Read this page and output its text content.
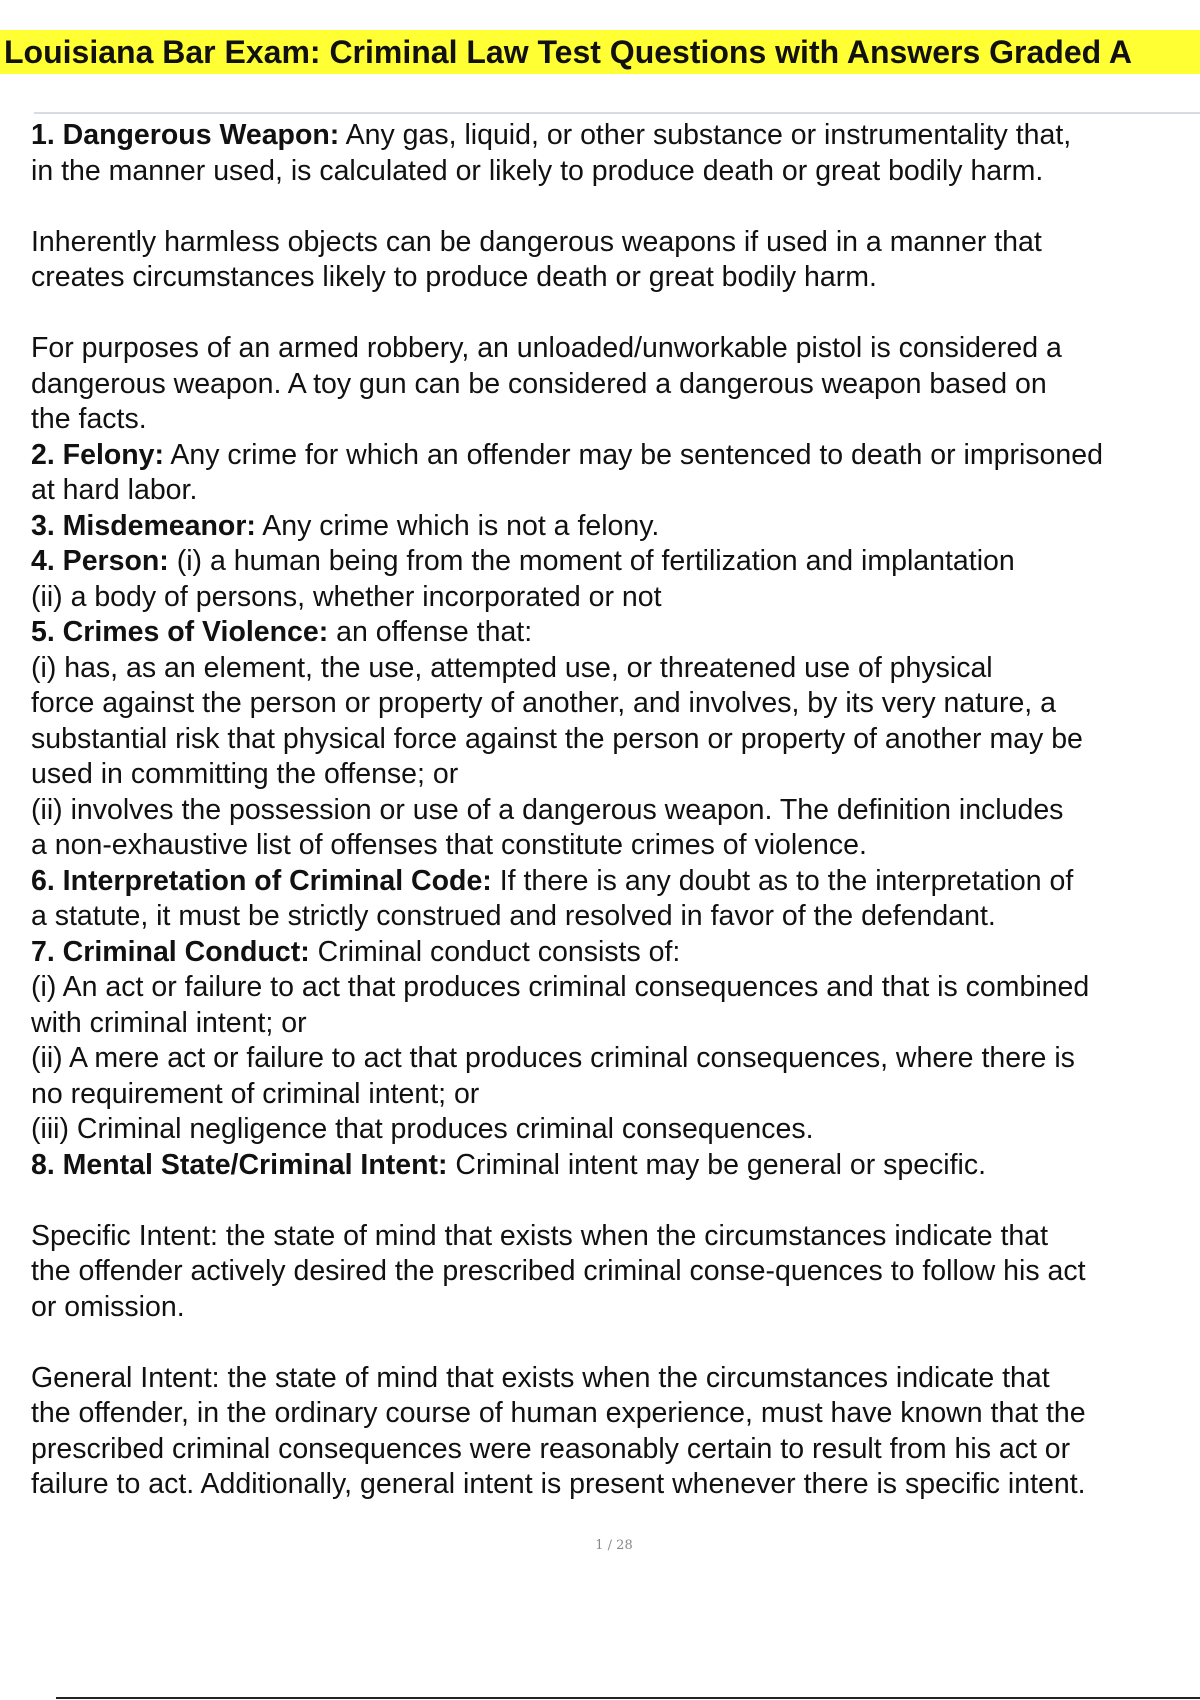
Louisiana Bar Exam: Criminal Law Test Questions with Answers Graded A
1. Dangerous Weapon: Any gas, liquid, or other substance or instrumentality that,
in the manner used, is calculated or likely to produce death or great bodily harm.
Inherently harmless objects can be dangerous weapons if used in a manner that
creates circumstances likely to produce death or great bodily harm.
For purposes of an armed robbery, an unloaded/unworkable pistol is considered a
dangerous weapon. A toy gun can be considered a dangerous weapon based on
the facts.
2. Felony: Any crime for which an offender may be sentenced to death or imprisoned
at hard labor.
3. Misdemeanor: Any crime which is not a felony.
4. Person: (i) a human being from the moment of fertilization and implantation
(ii) a body of persons, whether incorporated or not
5. Crimes of Violence: an offense that:
(i) has, as an element, the use, attempted use, or threatened use of physical
force against the person or property of another, and involves, by its very nature, a
substantial risk that physical force against the person or property of another may be
used in committing the offense; or
(ii) involves the possession or use of a dangerous weapon. The definition includes
a non-exhaustive list of offenses that constitute crimes of violence.
6. Interpretation of Criminal Code: If there is any doubt as to the interpretation of
a statute, it must be strictly construed and resolved in favor of the defendant.
7. Criminal Conduct: Criminal conduct consists of:
(i) An act or failure to act that produces criminal consequences and that is combined
with criminal intent; or
(ii) A mere act or failure to act that produces criminal consequences, where there is
no requirement of criminal intent; or
(iii) Criminal negligence that produces criminal consequences.
8. Mental State/Criminal Intent: Criminal intent may be general or specific.
Specific Intent: the state of mind that exists when the circumstances indicate that
the offender actively desired the prescribed criminal conse-quences to follow his act
or omission.
General Intent: the state of mind that exists when the circumstances indicate that
the offender, in the ordinary course of human experience, must have known that the
prescribed criminal consequences were reasonably certain to result from his act or
failure to act. Additionally, general intent is present whenever there is specific intent.
1 / 28
